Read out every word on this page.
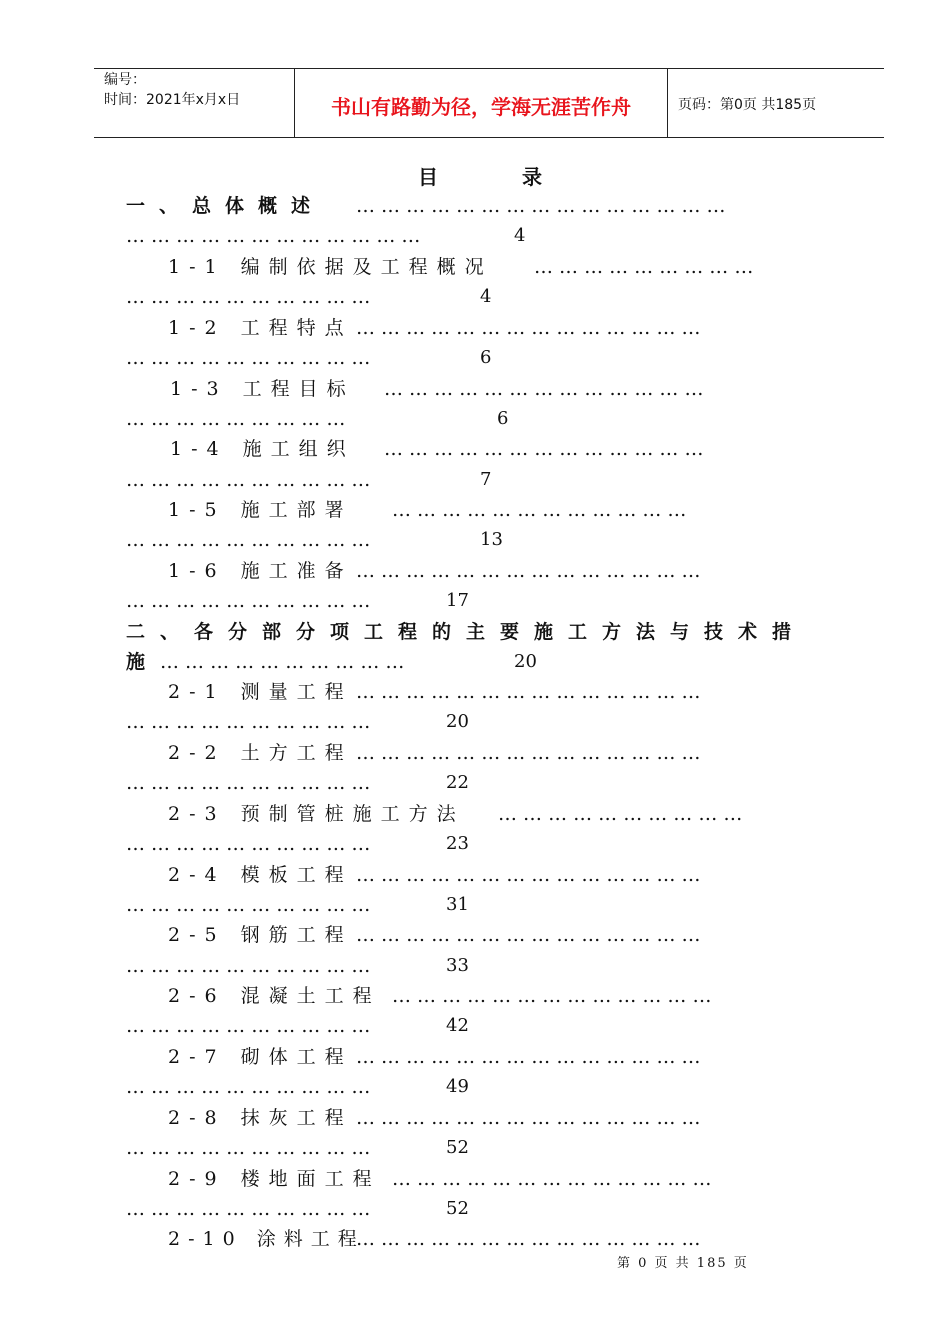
编号：
时间：2021年x月x日	书山有路勤为径，学海无涯苦作舟	页码：第0页 共185页
目	录
一、总体概述 … … … … … … … … … … … … … … …
… … … … … … … … … … … …	4
1-1 编制依据及工程概况 … … … … … … … … …
… … … … … … … … … …	4
1-2 工程特点 … … … … … … … … … … … … … …
… … … … … … … … … …	6
1-3 工程目标 … … … … … … … … … … … … …
… … … … … … … … …	6
1-4 施工组织 … … … … … … … … … … … … …
… … … … … … … … … …	7
1-5 施工部署 … … … … … … … … … … … …
… … … … … … … … … …	13
1-6 施工准备 … … … … … … … … … … … … … …
… … … … … … … … … …	17
二、各分部分项工程的主要施工方法与技术措
施 … … … … … … … … … …	20
2-1 测量工程 … … … … … … … … … … … … … …
… … … … … … … … … …	20
2-2 土方工程 … … … … … … … … … … … … … …
… … … … … … … … … …	22
2-3 预制管桩施工方法 … … … … … … … … … …
… … … … … … … … … …	23
2-4 模板工程 … … … … … … … … … … … … … …
… … … … … … … … … …	31
2-5 钢筋工程 … … … … … … … … … … … … … …
… … … … … … … … … …	33
2-6 混凝土工程 … … … … … … … … … … … … …
… … … … … … … … … …	42
2-7 砌体工程 … … … … … … … … … … … … … …
… … … … … … … … … …	49
2-8 抹灰工程 … … … … … … … … … … … … … …
… … … … … … … … … …	52
2-9 楼地面工程 … … … … … … … … … … … … …
… … … … … … … … … …	52
2-10 涂料工程
… … … … … … … … … … … … … …
第 0 页 共 185 页
